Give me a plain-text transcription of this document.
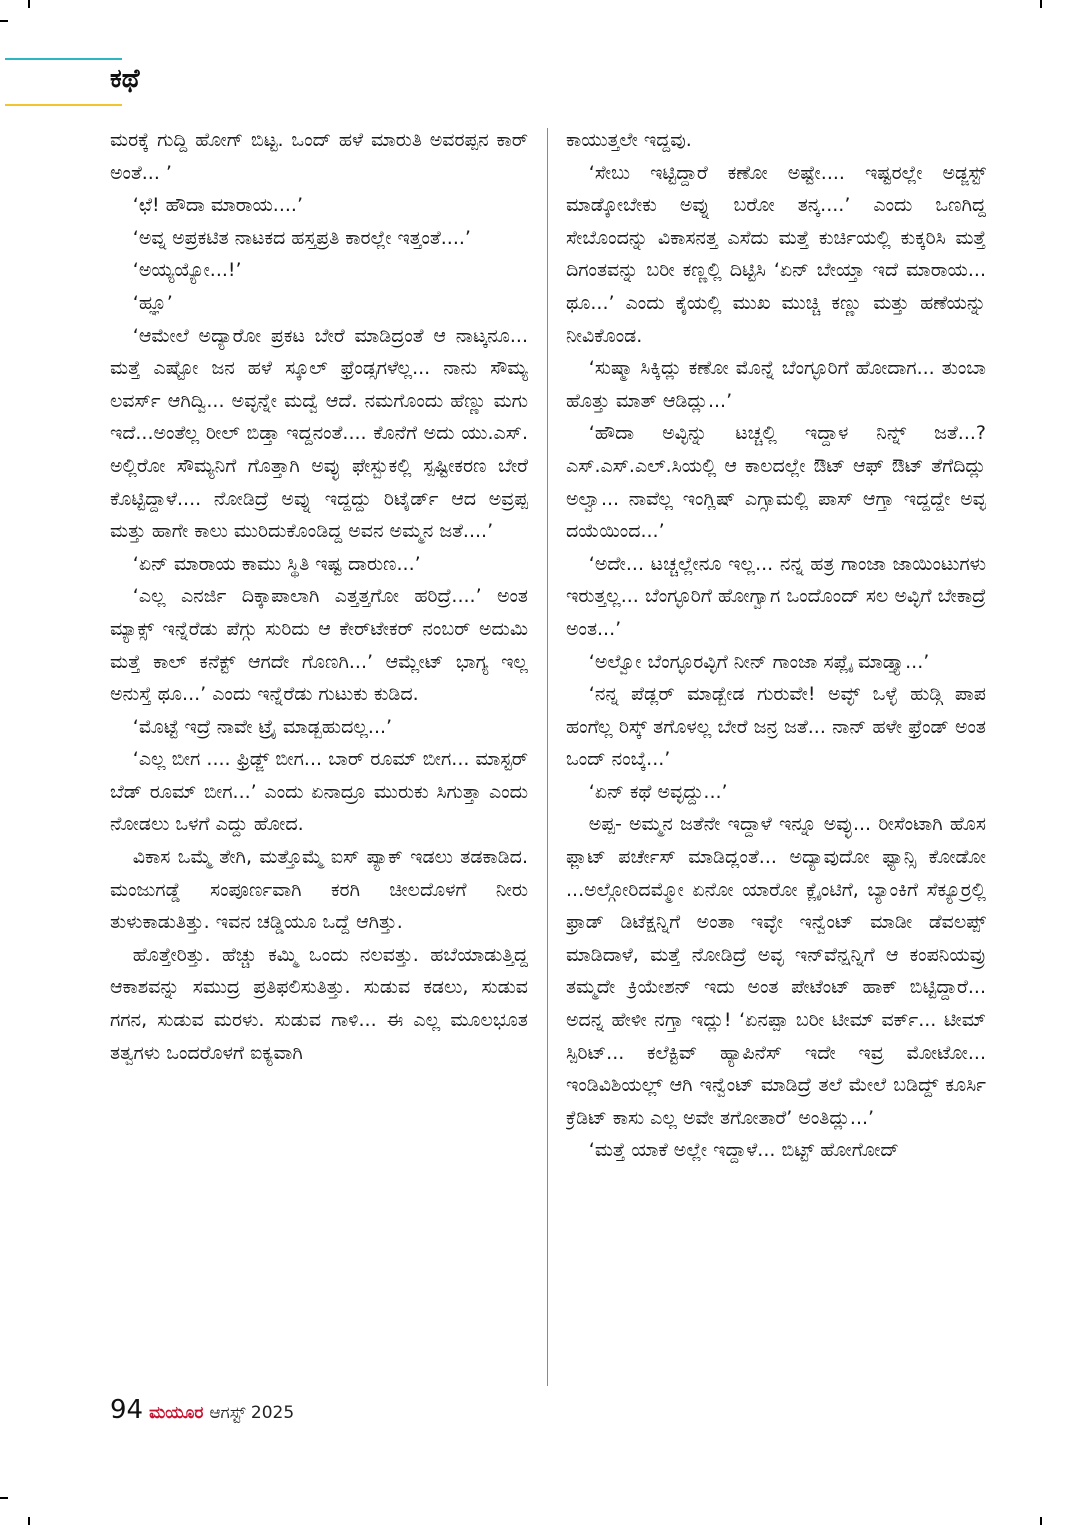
ಕಥೆ

ಮರಕ್ಕೆ ಗುದ್ದಿ ಹೋಗ್ ಬಿಟ್ಟ. ಒಂದ್ ಹಳೆ ಮಾರುತಿ ಅವರಪ್ಪನ ಕಾರ್ ಅಂತೆ... ’

‘ಛೆ! ಹೌದಾ ಮಾರಾಯ....’

‘ಅವ್ನ ಅಪ್ರಕಟಿತ ನಾಟಕದ ಹಸ್ತಪ್ರತಿ ಕಾರಲ್ಲೇ ಇತ್ತಂತೆ....’

‘ಅಯ್ಯಯ್ಯೋ...!’

‘ಹ್ಞೂ’

‘ಆಮೇಲೆ ಅದ್ಯಾರೋ ಪ್ರಕಟ ಬೇರೆ ಮಾಡಿದ್ರಂತೆ ಆ ನಾಟ್ಕನೂ... ಮತ್ತೆ ಎಷ್ಟೋ ಜನ ಹಳೆ ಸ್ಕೂಲ್ ಫ್ರೆಂಡ್ಸಗಳೆಲ್ಲ... ನಾನು ಸೌಮ್ಯ ಲವರ್ಸ್ ಆಗಿದ್ವಿ... ಅವ್ಳನ್ನೇ ಮದ್ವೆ ಆದೆ. ನಮಗೊಂದು ಹೆಣ್ಣು ಮಗು ಇದೆ...ಅಂತೆಲ್ಲ ರೀಲ್ ಬಿಡ್ತಾ ಇದ್ದನಂತೆ.... ಕೊನೆಗೆ ಅದು ಯು.ಎಸ್. ಅಲ್ಲಿರೋ ಸೌಮ್ಯನಿಗೆ ಗೊತ್ತಾಗಿ ಅವ್ಳು ಫೇಸ್ಬುಕಲ್ಲಿ ಸ್ಪಷ್ಟೀಕರಣ ಬೇರೆ ಕೊಟ್ಟಿದ್ದಾಳೆ.... ನೋಡಿದ್ರೆ ಅವ್ನು ಇದ್ದದ್ದು ರಿಟೈರ್ಡ್ ಆದ ಅವ್ರಪ್ಪ ಮತ್ತು ಹಾಗೇ ಕಾಲು ಮುರಿದುಕೊಂಡಿದ್ದ ಅವನ ಅಮ್ಮನ ಜತೆ....’

‘ಏನ್ ಮಾರಾಯ ಕಾಮು ಸ್ಥಿತಿ ಇಷ್ಟ ದಾರುಣ...’

‘ಎಲ್ಲ ಎನರ್ಜಿ ದಿಕ್ಕಾಪಾಲಾಗಿ ಎತ್ತತ್ತಗೋ ಹರಿದ್ರೆ....’ ಅಂತ ಮ್ಯಾಕ್ಸ್ ಇನ್ನೆರೆಡು ಪೆಗ್ಗು ಸುರಿದು ಆ ಕೇರ್‌ಟೇಕರ್ ನಂಬರ್ ಅದುಮಿ ಮತ್ತೆ ಕಾಲ್ ಕನೆಕ್ಟ್ ಆಗದೇ ಗೊಣಗಿ...’ ಆಮ್ಲೇಟ್ ಭಾಗ್ಯ ಇಲ್ಲ ಅನುಸ್ತೆ ಥೂ...’ ಎಂದು ಇನ್ನೆರೆಡು ಗುಟುಕು ಕುಡಿದ.

‘ಮೊಟ್ಟೆ ಇದ್ರೆ ನಾವೇ ಟ್ರೈ ಮಾಡ್ಬಹುದಲ್ಲ...’

‘ಎಲ್ಲ ಬೀಗ .... ಫ್ರಿಡ್ಜ್ ಬೀಗ... ಬಾರ್ ರೂಮ್ ಬೀಗ... ಮಾಸ್ಟರ್ ಬೆಡ್ ರೂಮ್ ಬೀಗ...’ ಎಂದು ಏನಾದ್ರೂ ಮುರುಕು ಸಿಗುತ್ತಾ ಎಂದು ನೋಡಲು ಒಳಗೆ ಎದ್ದು ಹೋದ.

ವಿಕಾಸ ಒಮ್ಮೆ ತೇಗಿ, ಮತ್ತೊಮ್ಮೆ ಐಸ್ ಪ್ಯಾಕ್ ಇಡಲು ತಡಕಾಡಿದ. ಮಂಜುಗಡ್ಡೆ ಸಂಪೂರ್ಣವಾಗಿ ಕರಗಿ ಚೀಲದೊಳಗೆ ನೀರು ತುಳುಕಾಡುತಿತ್ತು. ಇವನ ಚಡ್ಡಿಯೂ ಒದ್ದೆ ಆಗಿತ್ತು.

ಹೊತ್ತೇರಿತ್ತು. ಹೆಚ್ಚು ಕಮ್ಮಿ ಒಂದು ನಲವತ್ತು. ಹಬೆಯಾಡುತ್ತಿದ್ದ ಆಕಾಶವನ್ನು ಸಮುದ್ರ ಪ್ರತಿಫಲಿಸುತಿತ್ತು. ಸುಡುವ ಕಡಲು, ಸುಡುವ ಗಗನ, ಸುಡುವ ಮರಳು. ಸುಡುವ ಗಾಳಿ... ಈ ಎಲ್ಲ ಮೂಲಭೂತ ತತ್ವಗಳು ಒಂದರೊಳಗೆ ಐಕ್ಯವಾಗಿ

ಕಾಯುತ್ತಲೇ ಇದ್ದವು.

‘ಸೇಬು ಇಟ್ಟಿದ್ದಾರೆ ಕಣೋ ಅಷ್ಟೇ.... ಇಷ್ಟರಲ್ಲೇ ಅಡ್ಜಸ್ಟ್ ಮಾಡ್ಕೋಬೇಕು ಅವ್ನು ಬರೋ ತನ್ಕ....’ ಎಂದು ಒಣಗಿದ್ದ ಸೇಬೊಂದನ್ನು ವಿಕಾಸನತ್ತ ಎಸೆದು ಮತ್ತೆ ಕುರ್ಚಿಯಲ್ಲಿ ಕುಕ್ಕರಿಸಿ ಮತ್ತೆ ದಿಗಂತವನ್ನು ಬರೀ ಕಣ್ಣಲ್ಲಿ ದಿಟ್ಟಿಸಿ ‘ಏನ್ ಬೇಯ್ತಾ ಇದೆ ಮಾರಾಯ... ಥೂ...’ ಎಂದು ಕೈಯಲ್ಲಿ ಮುಖ ಮುಚ್ಚಿ ಕಣ್ಣು ಮತ್ತು ಹಣೆಯನ್ನು ನೀವಿಕೊಂಡ.

‘ಸುಷ್ಮಾ ಸಿಕ್ಕಿದ್ಲು ಕಣೋ ಮೊನ್ನೆ ಬೆಂಗ್ಳೂರಿಗೆ ಹೋದಾಗ... ತುಂಬಾ ಹೊತ್ತು ಮಾತ್ ಆಡಿದ್ಲು...’

‘ಹೌದಾ ಅವ್ಳಿನ್ನು ಟಚ್ಚಲ್ಲಿ ಇದ್ದಾಳ ನಿನ್ನ್ ಜತೆ...? ಎಸ್.ಎಸ್.ಎಲ್.ಸಿಯಲ್ಲಿ ಆ ಕಾಲದಲ್ಲೇ ಔಟ್ ಆಫ್ ಔಟ್ ತೆಗೆದಿದ್ಲು ಅಲ್ವಾ... ನಾವೆಲ್ಲ ಇಂಗ್ಲಿಷ್ ಎಗ್ಸಾಮಲ್ಲಿ ಪಾಸ್ ಆಗ್ತಾ ಇದ್ದದ್ದೇ ಅವ್ಳ ದಯೆಯಿಂದ...’

‘ಅದೇ... ಟಚ್ಚಲ್ಲೇನೂ ಇಲ್ಲ... ನನ್ನ ಹತ್ರ ಗಾಂಜಾ ಜಾಯಿಂಟುಗಳು ಇರುತ್ತಲ್ಲ... ಬೆಂಗ್ಳೂರಿಗೆ ಹೋಗ್ವಾಗ ಒಂದೊಂದ್ ಸಲ ಅವ್ಳಿಗೆ ಬೇಕಾದ್ರೆ ಅಂತ...’

‘ಅಲ್ವೋ ಬೆಂಗ್ಳೂರವ್ಳಿಗೆ ನೀನ್ ಗಾಂಜಾ ಸಪ್ಲೈ ಮಾಡ್ತ್ಯಾ...’

‘ನನ್ನ ಪೆಡ್ಲರ್ ಮಾಡ್ಬೇಡ ಗುರುವೇ! ಅವ್ಳ್ ಒಳ್ಳೆ ಹುಡ್ಗಿ ಪಾಪ ಹಂಗೆಲ್ಲ ರಿಸ್ಕ್ ತಗೊಳಲ್ಲ ಬೇರೆ ಜನ್ರ ಜತೆ... ನಾನ್ ಹಳೇ ಫ್ರೆಂಡ್ ಅಂತ ಒಂದ್ ನಂಬ್ಕೆ...’

‘ಏನ್ ಕಥೆ ಅವ್ಳದ್ದು...’

ಅಪ್ಪ- ಅಮ್ಮನ ಜತೆನೇ ಇದ್ದಾಳೆ ಇನ್ನೂ ಅವ್ಳು... ರೀಸೆಂಟಾಗಿ ಹೊಸ ಫ್ಲಾಟ್ ಪರ್ಚೇಸ್ ಮಾಡಿದ್ಲಂತೆ... ಅದ್ಯಾವುದೋ ಫ್ಯಾನ್ಸಿ ಕೋಡೋ ...ಅಲ್ಗೋರಿದಮ್ಮೋ ಏನೋ ಯಾರೋ ಕ್ಲೈಂಟಿಗೆ, ಬ್ಯಾಂಕಿಗೆ ಸೆಕ್ಯೂರ್ರಲ್ಲಿ ಫ್ರಾಡ್ ಡಿಟೆಕ್ಷನ್ನಿಗೆ ಅಂತಾ ಇವ್ಳೇ ಇನ್ವೆಂಟ್ ಮಾಡೀ ಡೆವಲಪ್ಪ್ ಮಾಡಿದಾಳೆ, ಮತ್ತೆ ನೋಡಿದ್ರೆ ಅವ್ಳ ಇನ್‌ವೆನ್ಷನ್ನಿಗೆ ಆ ಕಂಪನಿಯವ್ರು ತಮ್ಮದೇ ಕ್ರಿಯೇಶನ್ ಇದು ಅಂತ ಪೇಟೆಂಟ್ ಹಾಕ್ ಬಿಟ್ಟಿದ್ದಾರೆ... ಅದನ್ನ ಹೇಳೀ ನಗ್ತಾ ಇದ್ಲು! ‘ಏನಪ್ಪಾ ಬರೀ ಟೀಮ್ ವರ್ಕ್... ಟೀಮ್ ಸ್ಪಿರಿಟ್... ಕಲೆಕ್ಟಿವ್ ಹ್ಯಾಪಿನೆಸ್ ಇದೇ ಇವ್ರ ಮೋಟೋ... ಇಂಡಿವಿಶಿಯಲ್ಲ್ ಆಗಿ ಇನ್ವೆಂಟ್ ಮಾಡಿದ್ರೆ ತಲೆ ಮೇಲೆ ಬಡಿದ್ದ್ ಕೂರ್ಸಿ ಕ್ರೆಡಿಟ್ ಕಾಸು ಎಲ್ಲ ಅವೇ ತಗೋತಾರೆ’ ಅಂತಿದ್ಲು...’

‘ಮತ್ತೆ ಯಾಕೆ ಅಲ್ಲೇ ಇದ್ದಾಳೆ... ಬಿಟ್ಟ್ ಹೋಗೋದ್

94 ಮಯೂರ ಆಗಸ್ಟ್ 2025
